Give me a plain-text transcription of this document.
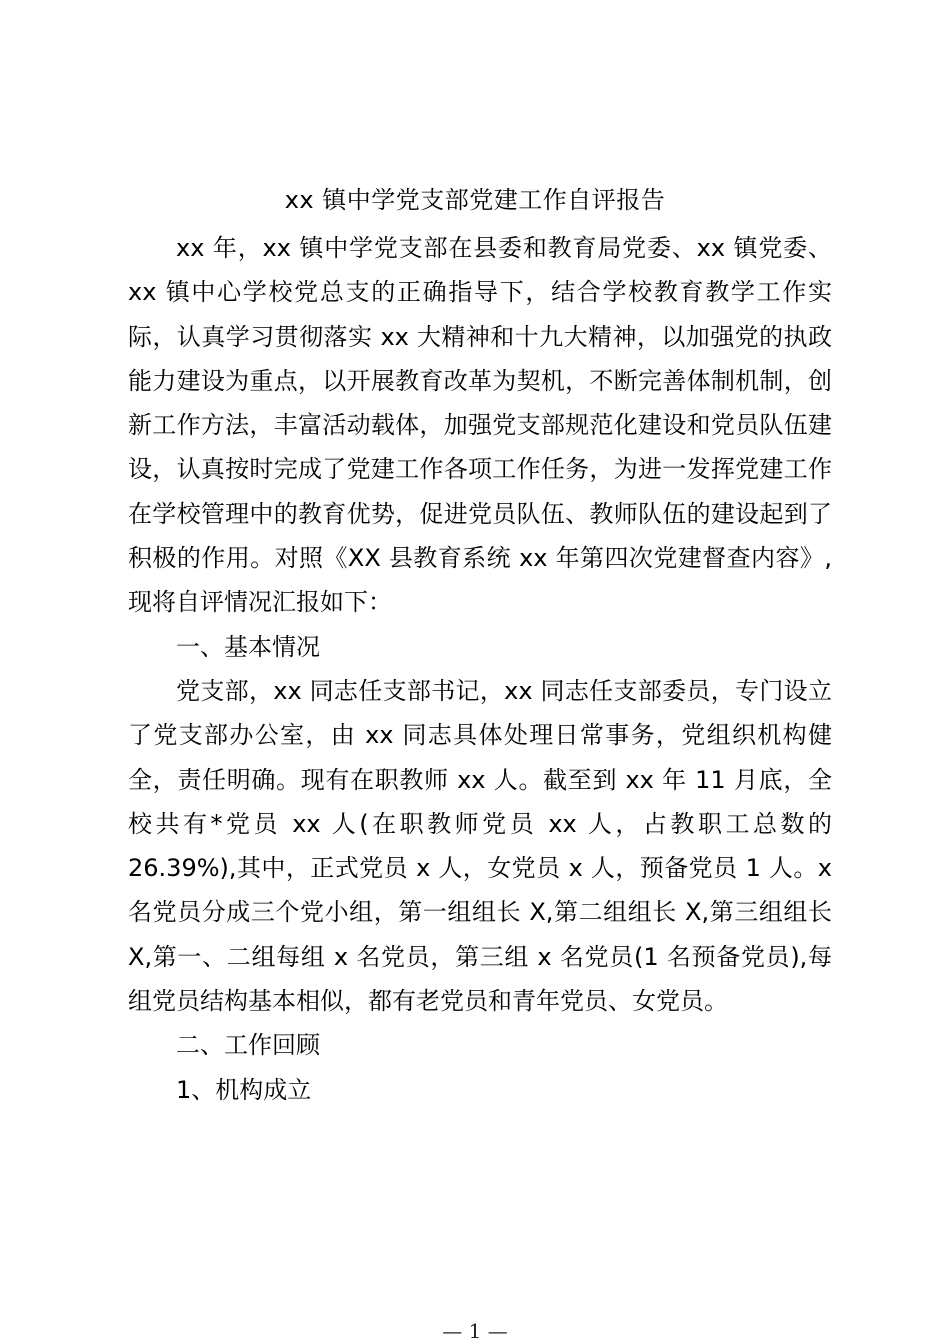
xx 镇中学党支部党建工作自评报告

xx 年，xx 镇中学党支部在县委和教育局党委、xx 镇党委、xx 镇中心学校党总支的正确指导下，结合学校教育教学工作实际，认真学习贯彻落实 xx 大精神和十九大精神，以加强党的执政能力建设为重点，以开展教育改革为契机，不断完善体制机制，创新工作方法，丰富活动载体，加强党支部规范化建设和党员队伍建设，认真按时完成了党建工作各项工作任务，为进一发挥党建工作在学校管理中的教育优势，促进党员队伍、教师队伍的建设起到了积极的作用。对照《XX 县教育系统 xx 年第四次党建督查内容》,现将自评情况汇报如下：

一、基本情况

党支部，xx 同志任支部书记，xx 同志任支部委员，专门设立了党支部办公室，由 xx 同志具体处理日常事务，党组织机构健全，责任明确。现有在职教师 xx 人。截至到 xx 年 11 月底，全校共有*党员 xx 人(在职教师党员 xx 人，占教职工总数的 26.39%),其中，正式党员 x 人，女党员 x 人，预备党员 1 人。x 名党员分成三个党小组，第一组组长 X,第二组组长 X,第三组组长 X,第一、二组每组 x 名党员，第三组 x 名党员(1 名预备党员),每组党员结构基本相似，都有老党员和青年党员、女党员。

二、工作回顾

1、机构成立

— 1 —
